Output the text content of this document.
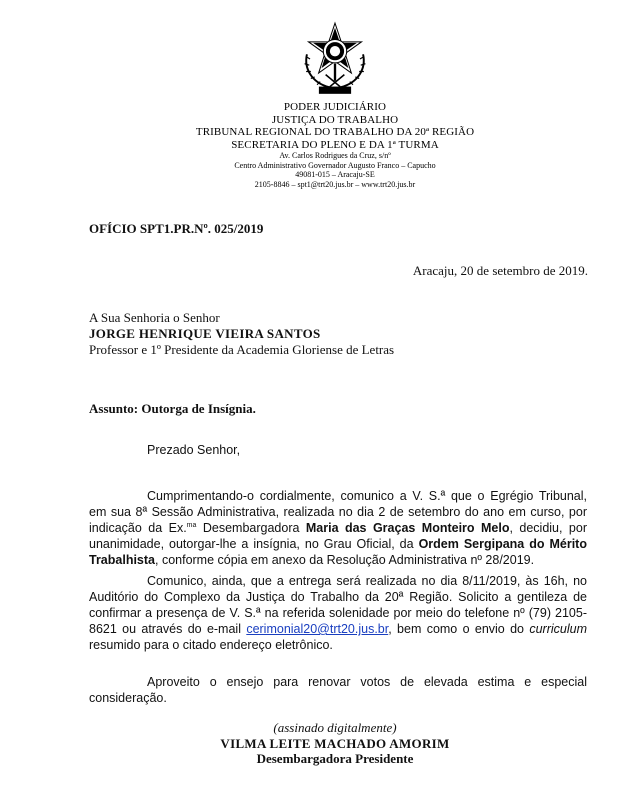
PODER JUDICIÁRIO
JUSTIÇA DO TRABALHO
TRIBUNAL REGIONAL DO TRABALHO DA 20ª REGIÃO
SECRETARIA DO PLENO E DA 1ª TURMA
Av. Carlos Rodrigues da Cruz, s/nº
Centro Administrativo Governador Augusto Franco – Capucho
49081-015 – Aracaju-SE
2105-8846 – spt1@trt20.jus.br – www.trt20.jus.br
OFÍCIO SPT1.PR.Nº. 025/2019
Aracaju, 20 de setembro de 2019.
A Sua Senhoria o Senhor
JORGE HENRIQUE VIEIRA SANTOS
Professor e 1º Presidente da Academia Gloriense de Letras
Assunto: Outorga de Insígnia.
Prezado Senhor,
Cumprimentando-o cordialmente, comunico a V. S.ª que o Egrégio Tribunal, em sua 8ª Sessão Administrativa, realizada no dia 2 de setembro do ano em curso, por indicação da Ex.$^{ma}$ Desembargadora Maria das Graças Monteiro Melo, decidiu, por unanimidade, outorgar-lhe a insígnia, no Grau Oficial, da Ordem Sergipana do Mérito Trabalhista, conforme cópia em anexo da Resolução Administrativa nº 28/2019.
Comunico, ainda, que a entrega será realizada no dia 8/11/2019, às 16h, no Auditório do Complexo da Justiça do Trabalho da 20ª Região. Solicito a gentileza de confirmar a presença de V. S.ª na referida solenidade por meio do telefone nº (79) 2105-8621 ou através do e-mail cerimonial20@trt20.jus.br, bem como o envio do curriculum resumido para o citado endereço eletrônico.
Aproveito o ensejo para renovar votos de elevada estima e especial consideração.
(assinado digitalmente)
VILMA LEITE MACHADO AMORIM
Desembargadora Presidente
